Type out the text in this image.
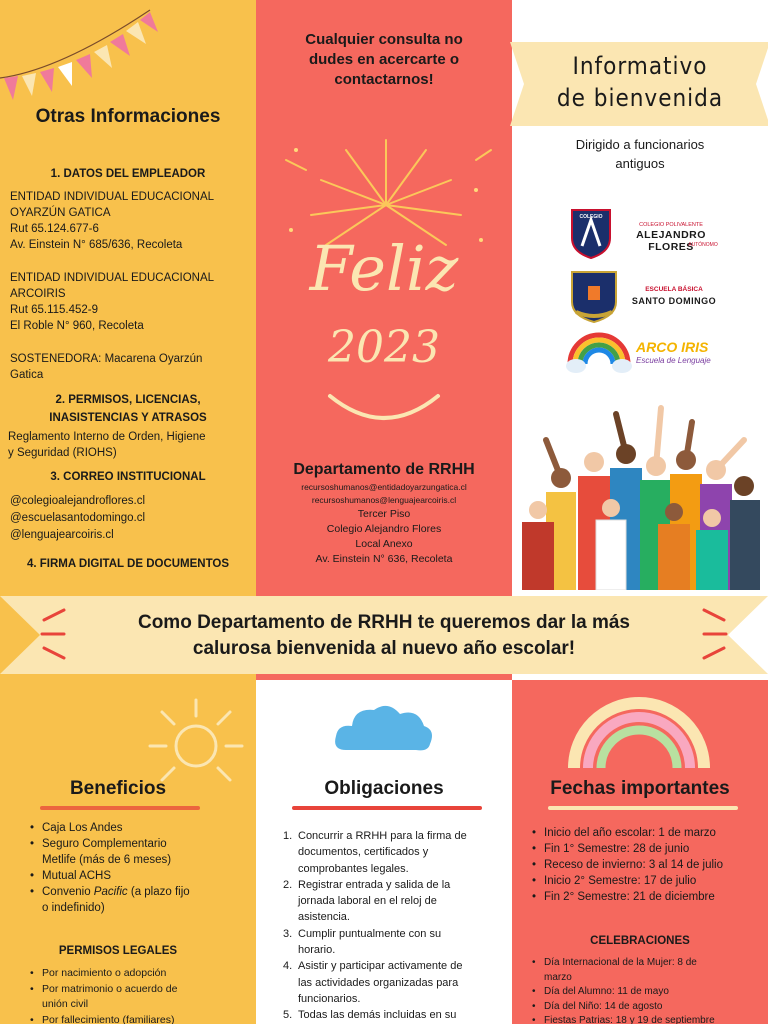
Otras Informaciones
1. DATOS DEL EMPLEADOR
ENTIDAD INDIVIDUAL EDUCACIONAL
OYARZÚN GATICA
Rut 65.124.677-6
Av. Einstein N° 685/636, Recoleta
ENTIDAD INDIVIDUAL EDUCACIONAL
ARCOIRIS
Rut 65.115.452-9
El Roble N° 960, Recoleta
SOSTENEDORA: Macarena Oyarzún
Gatica
2. PERMISOS, LICENCIAS,
INASISTENCIAS Y ATRASOS
Reglamento Interno de Orden, Higiene
y Seguridad (RIOHS)
3. CORREO INSTITUCIONAL
@colegioalejandroflores.cl
@escuelasantodomingo.cl
@lenguajearcoiris.cl
4. FIRMA DIGITAL DE DOCUMENTOS
Cualquier consulta no
dudes en acercarte o
contactarnos!
Feliz
2023
Departamento de RRHH
recursoshumanos@entidadoyarzungatica.cl
recursoshumanos@lenguajearcoiris.cl
Tercer Piso
Colegio Alejandro Flores
Local Anexo
Av. Einstein N° 636, Recoleta
Informativo
de bienvenida
Dirigido a funcionarios
antiguos
COLEGIO
COLEGIO POLIVALENTE
ALEJANDRO FLORES
AUTÓNOMO
ESCUELA BÁSICA
SANTO DOMINGO
ARCO IRIS
Escuela de Lenguaje
Como Departamento de RRHH te queremos dar la más
calurosa bienvenida al nuevo año escolar!
Beneficios
• Caja Los Andes
• Seguro Complementario
Metlife (más de 6 meses)
• Mutual ACHS
• Convenio Pacific (a plazo fijo
o indefinido)
PERMISOS LEGALES
• Por nacimiento o adopción
• Por matrimonio o acuerdo de
unión civil
• Por fallecimiento (familiares)
Obligaciones
1. Concurrir a RRHH para la firma de
documentos, certificados y
comprobantes legales.
2. Registrar entrada y salida de la
jornada laboral en el reloj de
asistencia.
3. Cumplir puntualmente con su
horario.
4. Asistir y participar activamente de
las actividades organizadas para
funcionarios.
5. Todas las demás incluidas en su
Fechas importantes
• Inicio del año escolar: 1 de marzo
• Fin 1° Semestre: 28 de junio
• Receso de invierno: 3 al 14 de julio
• Inicio 2° Semestre: 17 de julio
• Fin 2° Semestre: 21 de diciembre
CELEBRACIONES
• Día Internacional de la Mujer: 8 de
marzo
• Día del Alumno: 11 de mayo
• Día del Niño: 14 de agosto
• Fiestas Patrias: 18 y 19 de septiembre
